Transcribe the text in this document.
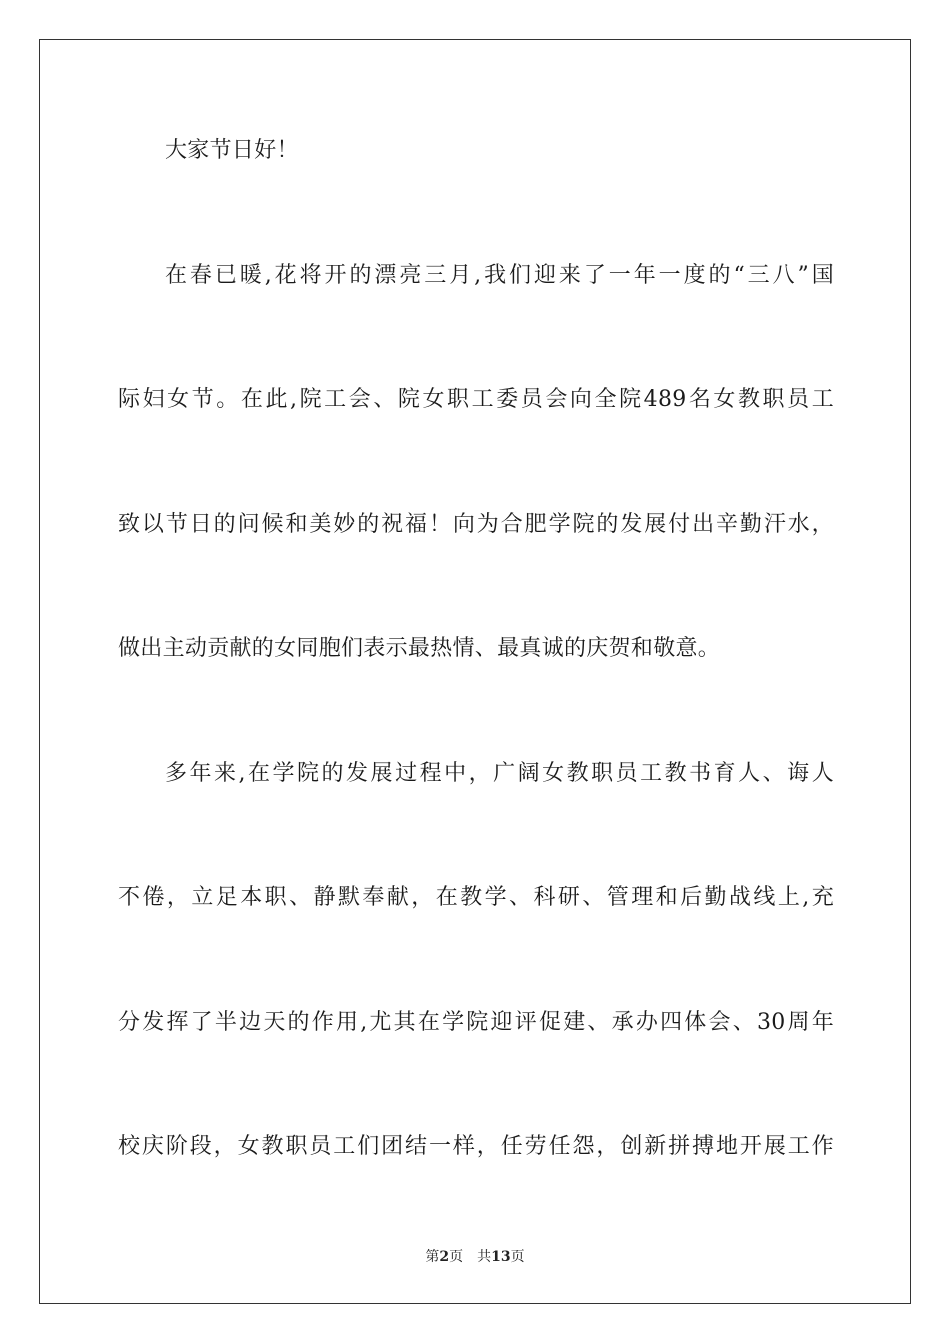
大家节日好！
在春已暖,花将开的漂亮三月,我们迎来了一年一度的“三八”国
际妇女节。在此,院工会、院女职工委员会向全院489名女教职员工
致以节日的问候和美妙的祝福！向为合肥学院的发展付出辛勤汗水，
做出主动贡献的女同胞们表示最热情、最真诚的庆贺和敬意。
多年来,在学院的发展过程中，广阔女教职员工教书育人、诲人
不倦，立足本职、静默奉献，在教学、科研、管理和后勤战线上,充
分发挥了半边天的作用,尤其在学院迎评促建、承办四体会、30周年
校庆阶段，女教职员工们团结一样，任劳任怨，创新拼搏地开展工作
第2页 共13页
